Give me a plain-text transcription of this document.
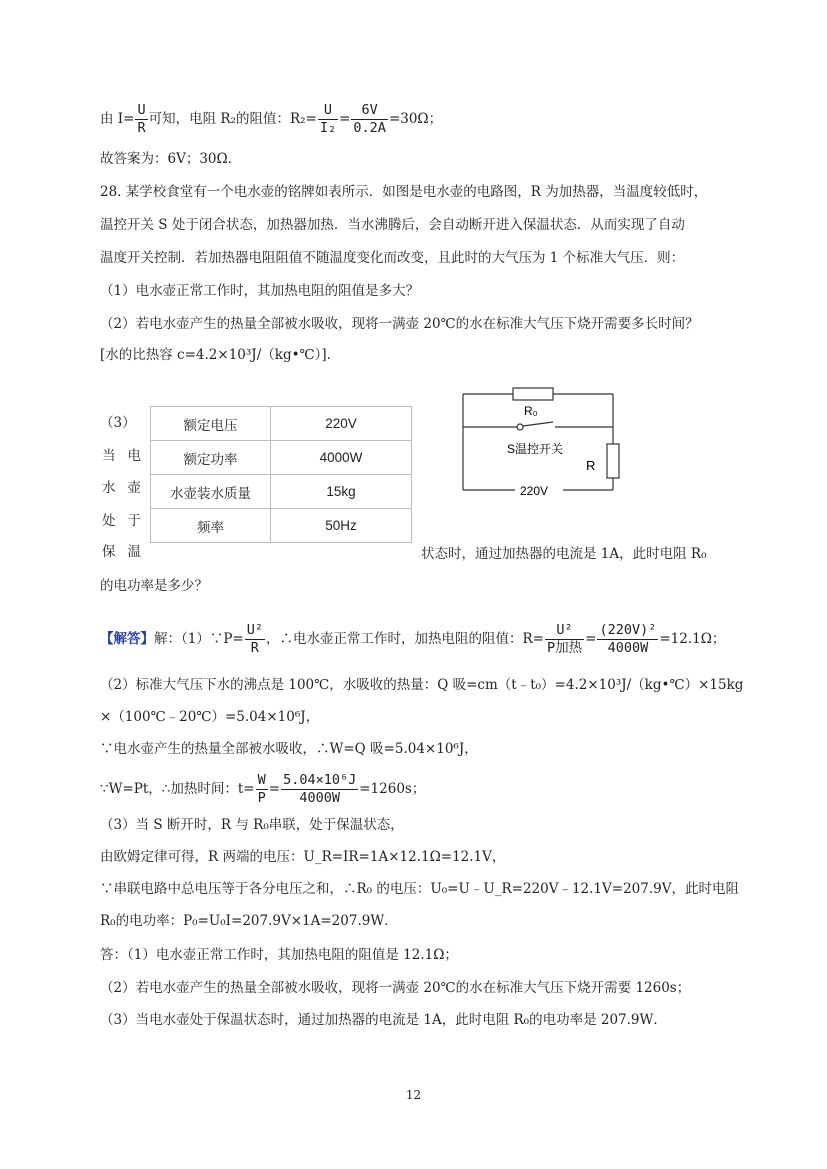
由 $I= \frac{U}{R}$ 可知，电阻 R₂的阻值：$R_2= \frac{U}{\text{I₂}} = \frac{6V}{0.2A} =30\Omega$；
故答案为：6V；30Ω．
28. 某学校食堂有一个电水壶的铭牌如表所示．如图是电水壶的电路图，R 为加热器，当温度较低时，
温控开关 S 处于闭合状态，加热器加热．当水沸腾后，会自动断开进入保温状态．从而实现了自动
温度开关控制．若加热器电阻阻值不随温度变化而改变，且此时的大气压为 1 个标准大气压．则：
（1）电水壶正常工作时，其加热电阻的阻值是多大？
（2）若电水壶产生的热量全部被水吸收，现将一满壶 20℃的水在标准大气压下烧开需要多长时间？
[水的比热容 c=4.2×10³J/（kg•℃）]．
（3）
当电
水壶
处于
保温
额定电压	220V
额定功率	4000W
水壶装水质量	15kg
频率	50Hz
R₀
S温控开关
R
220V
状态时，通过加热器的电流是 1A，此时电阻 R₀
的电功率是多少？
【解答】解：（1）∵P= $\frac{\text{U²}}{R}$ ，∴电水壶正常工作时，加热电阻的阻值：$R= \frac{\text{U²}}{\text{P加热}} = \frac{\text{(220V)²}}{4000W} =12.1\Omega$；
（2）标准大气压下水的沸点是 100℃，水吸收的热量：Q 吸=cm（t﹣t₀）=4.2×10³J/（kg•℃）×15kg
×（100℃﹣20℃）=5.04×10⁶J，
∵电水壶产生的热量全部被水吸收，∴W=Q 吸=5.04×10⁶J，
∵W=Pt，∴加热时间：$t= \frac{W}{P} = \frac{\text{5.04×10⁶J}}{4000W} =1260s$；
（3）当 S 断开时，R 与 R₀串联，处于保温状态，
由欧姆定律可得，R 两端的电压：U_R=IR=1A×12.1Ω=12.1V，
∵串联电路中总电压等于各分电压之和，∴R₀ 的电压：U₀=U﹣U_R=220V﹣12.1V=207.9V，此时电阻
R₀的电功率：P₀=U₀I=207.9V×1A=207.9W．
答：（1）电水壶正常工作时，其加热电阻的阻值是 12.1Ω；
（2）若电水壶产生的热量全部被水吸收，现将一满壶 20℃的水在标准大气压下烧开需要 1260s；
（3）当电水壶处于保温状态时，通过加热器的电流是 1A，此时电阻 R₀的电功率是 207.9W．
12
